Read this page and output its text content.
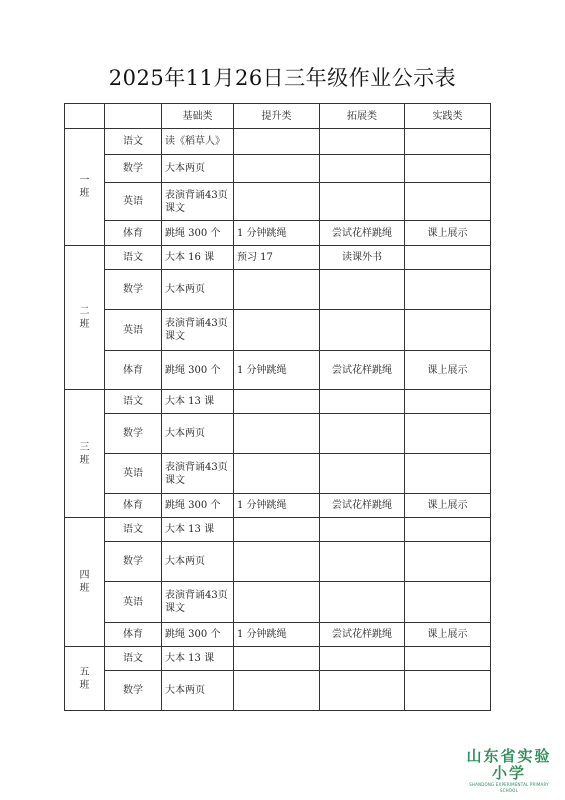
2025年11月26日三年级作业公示表
		基础类	提升类	拓展类	实践类

一
班	语文	读《稻草人》			
	数学	大本两页			
	英语	表演背诵43页课文			
	体育	跳绳 300 个	1 分钟跳绳	尝试花样跳绳	课上展示

二
班	语文	大本 16 课	预习 17	读课外书	
	数学	大本两页			
	英语	表演背诵43页课文			
	体育	跳绳 300 个	1 分钟跳绳	尝试花样跳绳	课上展示

三
班	语文	大本 13 课			
	数学	大本两页			
	英语	表演背诵43页课文			
	体育	跳绳 300 个	1 分钟跳绳	尝试花样跳绳	课上展示

四
班	语文	大本 13 课			
	数学	大本两页			
	英语	表演背诵43页课文			
	体育	跳绳 300 个	1 分钟跳绳	尝试花样跳绳	课上展示

五
班	语文	大本 13 课			
	数学	大本两页			
山东省实验小学
SHANDONG EXPERIMENTAL PRIMARY SCHOOL
